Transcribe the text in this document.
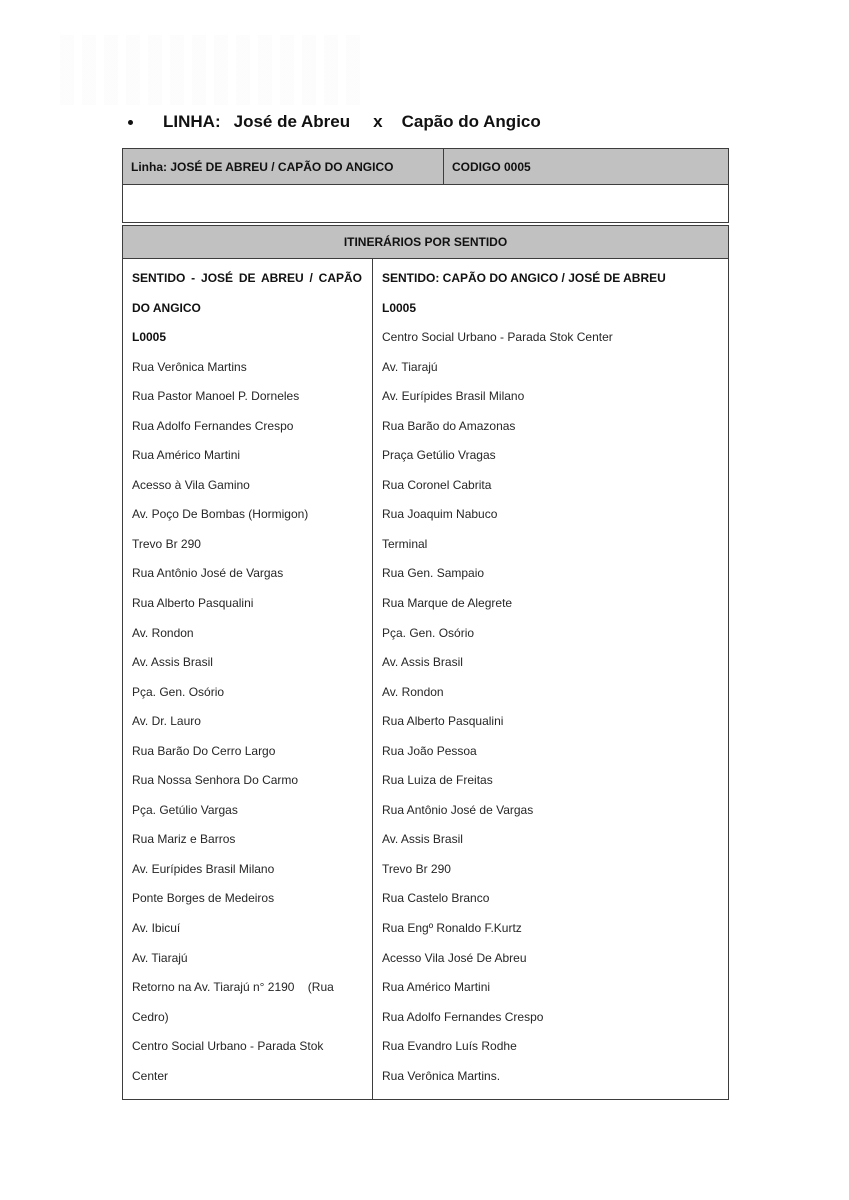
LINHA: José de Abreu x Capão do Angico
Linha: JOSÉ DE ABREU / CAPÃO DO ANGICO	CODIGO 0005
ITINERÁRIOS POR SENTIDO
SENTIDO - JOSÉ DE ABREU / CAPÃO DO ANGICO
L0005
Rua Verônica Martins
Rua Pastor Manoel P. Dorneles
Rua Adolfo Fernandes Crespo
Rua Américo Martini
Acesso à Vila Gamino
Av. Poço De Bombas (Hormigon)
Trevo Br 290
Rua Antônio José de Vargas
Rua Alberto Pasqualini
Av. Rondon
Av. Assis Brasil
Pça. Gen. Osório
Av. Dr. Lauro
Rua Barão Do Cerro Largo
Rua Nossa Senhora Do Carmo
Pça. Getúlio Vargas
Rua Mariz e Barros
Av. Eurípides Brasil Milano
Ponte Borges de Medeiros
Av. Ibicuí
Av. Tiarajú
Retorno na Av. Tiarajú n° 2190    (Rua Cedro)
Centro Social Urbano - Parada Stok Center
SENTIDO: CAPÃO DO ANGICO / JOSÉ DE ABREU
L0005
Centro Social Urbano - Parada Stok Center
Av. Tiarajú
Av. Eurípides Brasil Milano
Rua Barão do Amazonas
Praça Getúlio Vragas
Rua Coronel Cabrita
Rua Joaquim Nabuco
Terminal
Rua Gen. Sampaio
Rua Marque de Alegrete
Pça. Gen. Osório
Av. Assis Brasil
Av. Rondon
Rua Alberto Pasqualini
Rua João Pessoa
Rua Luiza de Freitas
Rua Antônio José de Vargas
Av. Assis Brasil
Trevo Br 290
Rua Castelo Branco
Rua Engº Ronaldo F.Kurtz
Acesso Vila José De Abreu
Rua Américo Martini
Rua Adolfo Fernandes Crespo
Rua Evandro Luís Rodhe
Rua Verônica Martins.
